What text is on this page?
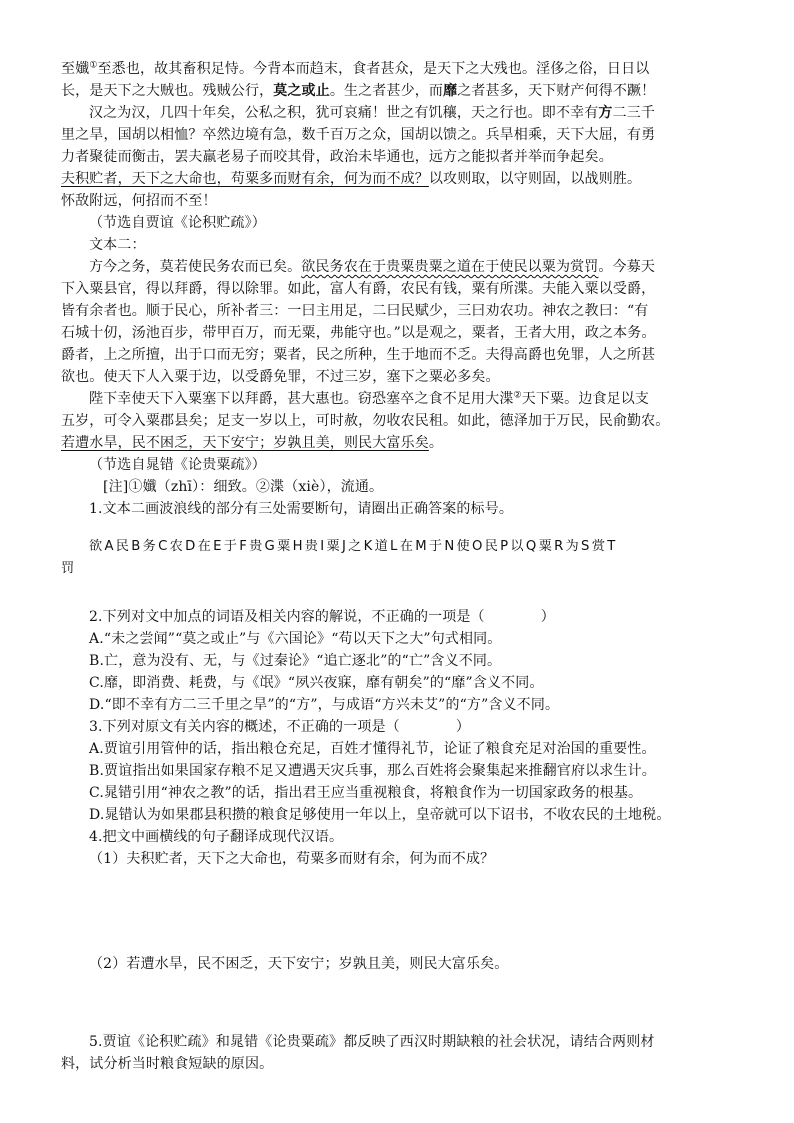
至孅①至悉也，故其畜积足恃。今背本而趋末，食者甚众，是天下之大残也。淫侈之俗，日日以
长，是天下之大贼也。残贼公行，莫之或止。生之者甚少，而靡之者甚多，天下财产何得不蹶！
汉之为汉，几四十年矣，公私之积，犹可哀痛！世之有饥穰，天之行也。即不幸有方二三千
里之旱，国胡以相恤？卒然边境有急，数千百万之众，国胡以馈之。兵旱相乘，天下大屈，有勇
力者聚徒而衡击，罢夫羸老易子而咬其骨，政治未毕通也，远方之能拟者并举而争起矣。
夫积贮者，天下之大命也，苟粟多而财有余，何为而不成？以攻则取，以守则固，以战则胜。
怀敌附远，何招而不至！
（节选自贾谊《论积贮疏》）
文本二：
方今之务，莫若使民务农而已矣。欲民务农在于贵粟贵粟之道在于使民以粟为赏罚。今募天
下入粟县官，得以拜爵，得以除罪。如此，富人有爵，农民有钱，粟有所渫。夫能入粟以受爵，
皆有余者也。顺于民心，所补者三：一曰主用足，二曰民赋少，三曰劝农功。神农之教曰：“有
石城十仞，汤池百步，带甲百万，而无粟，弗能守也。”以是观之，粟者，王者大用，政之本务。
爵者，上之所擅，出于口而无穷；粟者，民之所种，生于地而不乏。夫得高爵也免罪，人之所甚
欲也。使天下人入粟于边，以受爵免罪，不过三岁，塞下之粟必多矣。
陛下幸使天下入粟塞下以拜爵，甚大惠也。窃恐塞卒之食不足用大渫②天下粟。边食足以支
五岁，可令入粟郡县矣；足支一岁以上，可时赦，勿收农民租。如此，德泽加于万民，民俞勤农。
若遭水旱，民不困乏，天下安宁；岁孰且美，则民大富乐矣。
（节选自晁错《论贵粟疏》）
[注]①孅（zhī）：细致。②渫（xiè），流通。
1.文本二画波浪线的部分有三处需要断句，请圈出正确答案的标号。
欲A民B务C农D在E于F贵G粟H贵I粟J之K道L在M于N使O民P以Q粟R为S赏T
罚
2.下列对文中加点的词语及相关内容的解说，不正确的一项是（	）
A.“未之尝闻”“莫之或止”与《六国论》“苟以天下之大”句式相同。
B.亡，意为没有、无，与《过秦论》“追亡逐北”的“亡”含义不同。
C.靡，即消费、耗费，与《氓》“夙兴夜寐，靡有朝矣”的“靡”含义不同。
D.“即不幸有方二三千里之旱”的“方”，与成语“方兴未艾”的“方”含义不同。
3.下列对原文有关内容的概述，不正确的一项是（	）
A.贾谊引用管仲的话，指出粮仓充足，百姓才懂得礼节，论证了粮食充足对治国的重要性。
B.贾谊指出如果国家存粮不足又遭遇天灾兵事，那么百姓将会聚集起来推翻官府以求生计。
C.晁错引用“神农之教”的话，指出君王应当重视粮食，将粮食作为一切国家政务的根基。
D.晁错认为如果郡县积攒的粮食足够使用一年以上，皇帝就可以下诏书，不收农民的土地税。
4.把文中画横线的句子翻译成现代汉语。
（1）夫积贮者，天下之大命也，苟粟多而财有余，何为而不成？
（2）若遭水旱，民不困乏，天下安宁；岁孰且美，则民大富乐矣。
5.贾谊《论积贮疏》和晁错《论贵粟疏》都反映了西汉时期缺粮的社会状况，请结合两则材
料，试分析当时粮食短缺的原因。
